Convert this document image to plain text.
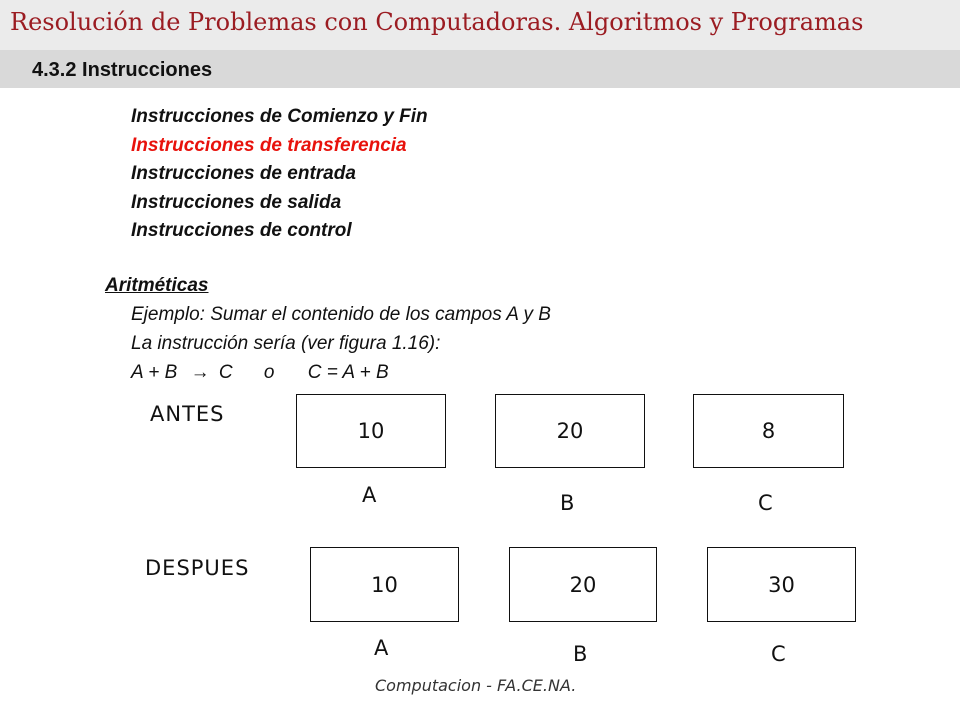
Resolución de Problemas con Computadoras. Algoritmos y Programas
4.3.2 Instrucciones
Instrucciones de Comienzo y Fin
Instrucciones de transferencia
Instrucciones de entrada
Instrucciones de salida
Instrucciones de control
Aritméticas
Ejemplo: Sumar el contenido de los campos A y B
La instrucción sería (ver figura 1.16):
A + B → C o C = A + B
ANTES
10	20	8
A	B	C
DESPUES
10	20	30
A	B	C
Computacion - FA.CE.NA.
